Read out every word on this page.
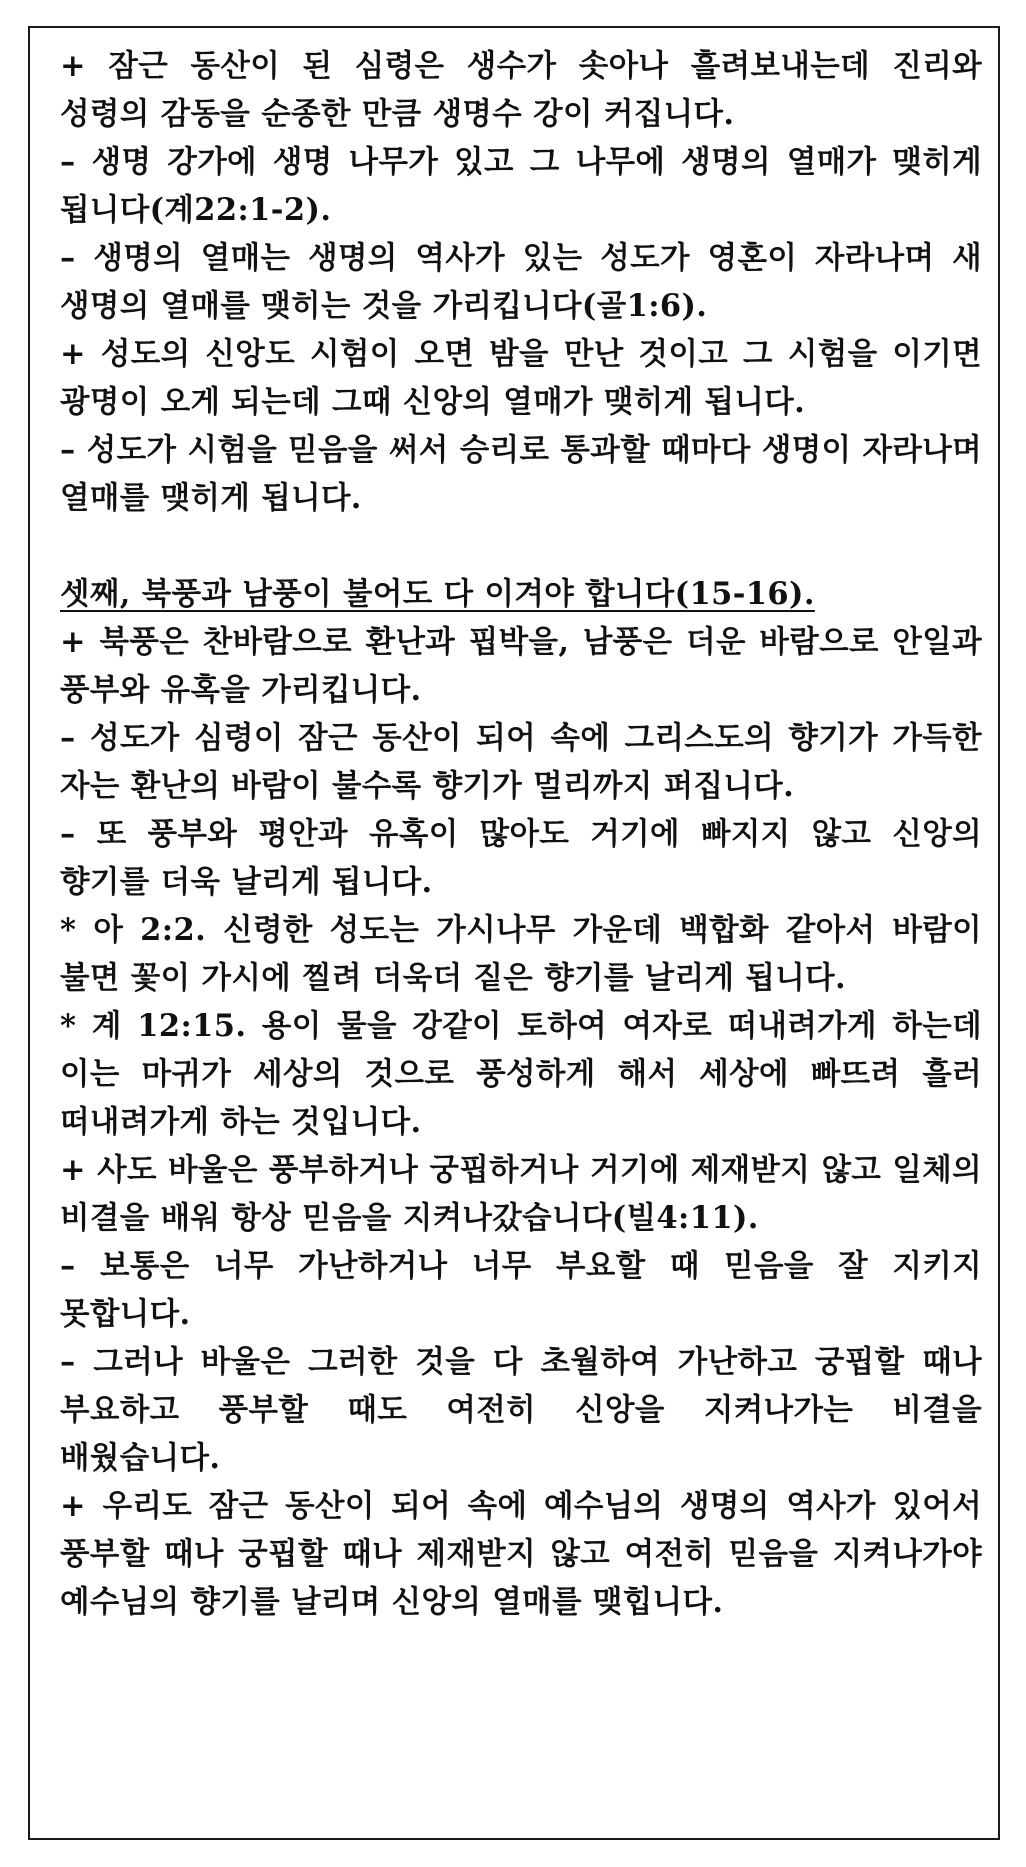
+ 잠근 동산이 된 심령은 생수가 솟아나 흘려보내는데 진리와 성령의 감동을 순종한 만큼 생명수 강이 커집니다.

– 생명 강가에 생명 나무가 있고 그 나무에 생명의 열매가 맺히게 됩니다(계22:1-2).

– 생명의 열매는 생명의 역사가 있는 성도가 영혼이 자라나며 새 생명의 열매를 맺히는 것을 가리킵니다(골1:6).

+ 성도의 신앙도 시험이 오면 밤을 만난 것이고 그 시험을 이기면 광명이 오게 되는데 그때 신앙의 열매가 맺히게 됩니다.

– 성도가 시험을 믿음을 써서 승리로 통과할 때마다 생명이 자라나며 열매를 맺히게 됩니다.

셋째, 북풍과 남풍이 불어도 다 이겨야 합니다(15-16).

+ 북풍은 찬바람으로 환난과 핍박을, 남풍은 더운 바람으로 안일과 풍부와 유혹을 가리킵니다.

– 성도가 심령이 잠근 동산이 되어 속에 그리스도의 향기가 가득한 자는 환난의 바람이 불수록 향기가 멀리까지 퍼집니다.

– 또 풍부와 평안과 유혹이 많아도 거기에 빠지지 않고 신앙의 향기를 더욱 날리게 됩니다.

* 아 2:2. 신령한 성도는 가시나무 가운데 백합화 같아서 바람이 불면 꽃이 가시에 찔려 더욱더 짙은 향기를 날리게 됩니다.

* 계 12:15. 용이 물을 강같이 토하여 여자로 떠내려가게 하는데 이는 마귀가 세상의 것으로 풍성하게 해서 세상에 빠뜨려 흘러 떠내려가게 하는 것입니다.

+ 사도 바울은 풍부하거나 궁핍하거나 거기에 제재받지 않고 일체의 비결을 배워 항상 믿음을 지켜나갔습니다(빌4:11).

– 보통은 너무 가난하거나 너무 부요할 때 믿음을 잘 지키지 못합니다.

– 그러나 바울은 그러한 것을 다 초월하여 가난하고 궁핍할 때나 부요하고 풍부할 때도 여전히 신앙을 지켜나가는 비결을 배웠습니다.

+ 우리도 잠근 동산이 되어 속에 예수님의 생명의 역사가 있어서 풍부할 때나 궁핍할 때나 제재받지 않고 여전히 믿음을 지켜나가야 예수님의 향기를 날리며 신앙의 열매를 맺힙니다.
